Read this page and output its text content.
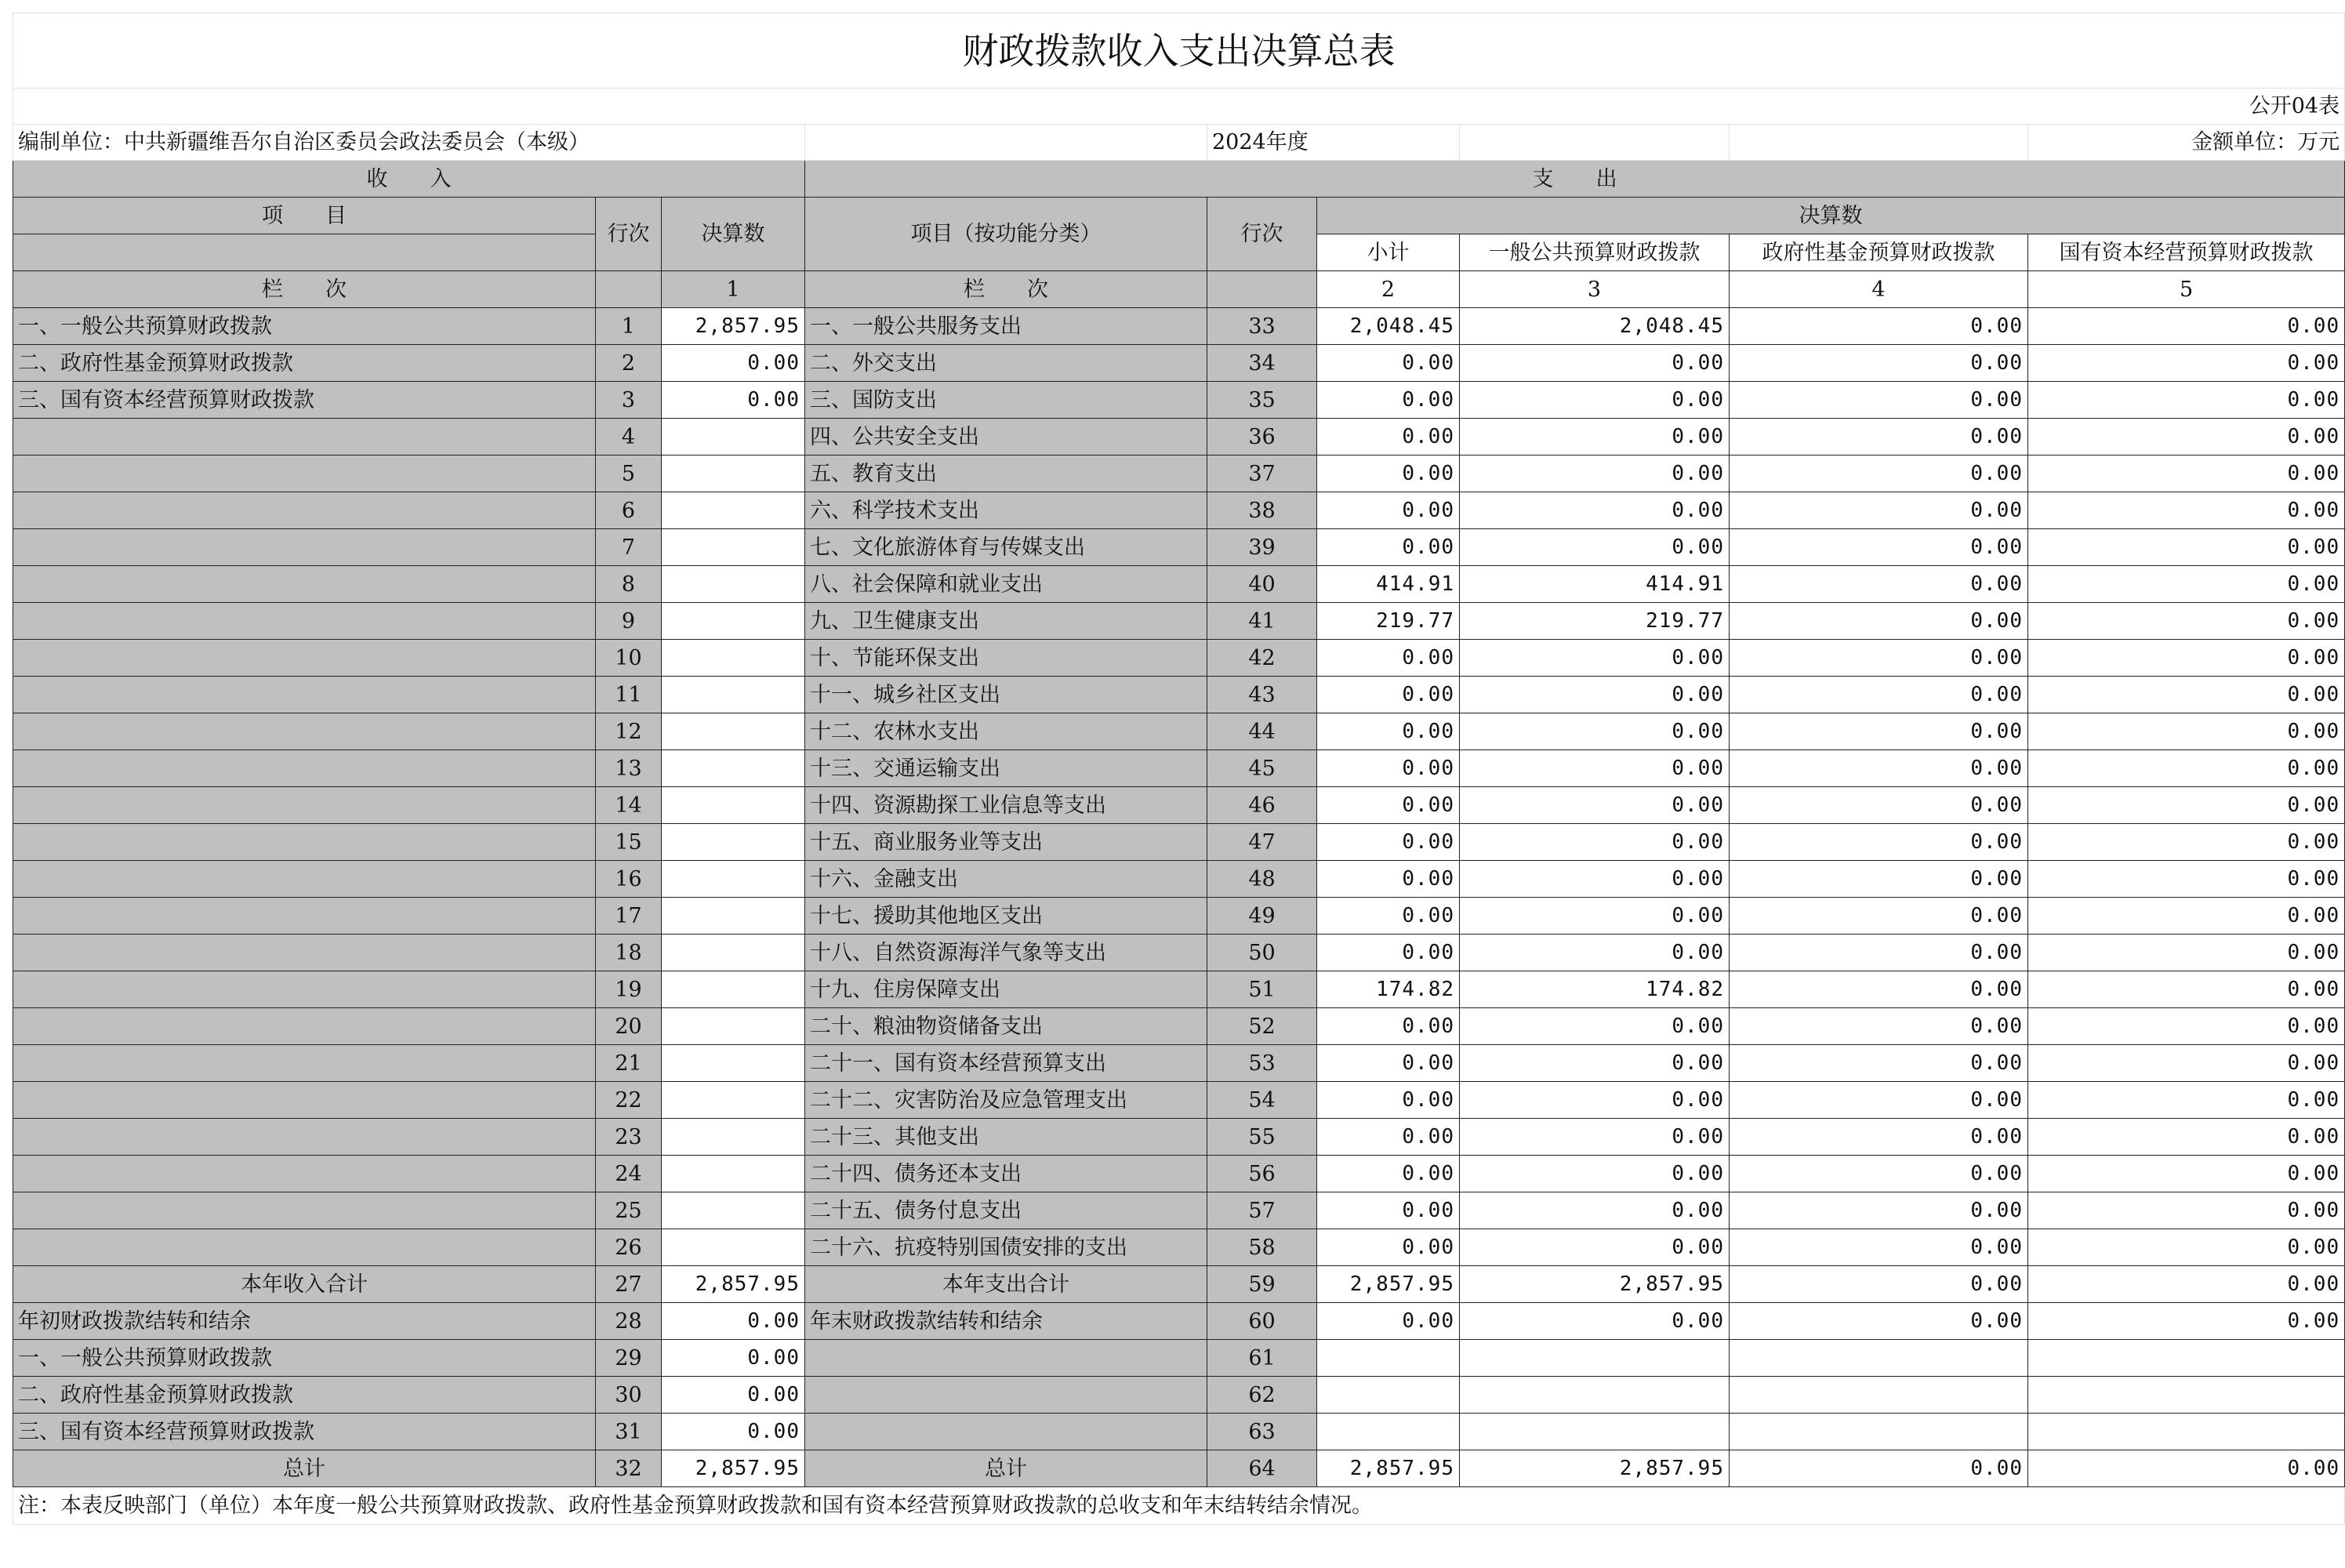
财政拨款收入支出决算总表								
公开04表								
编制单位：中共新疆维吾尔自治区委员会政法委员会（本级）				2024年度				金额单位：万元
收　　入			支　　出					
项　　目	行次	决算数	项目（按功能分类）	行次	决算数			
					小计	一般公共预算财政拨款	政府性基金预算财政拨款	国有资本经营预算财政拨款
栏　　次		1	栏　　次		2	3	4	5
一、一般公共预算财政拨款	1	2,857.95	一、一般公共服务支出	33	2,048.45	2,048.45	0.00	0.00
二、政府性基金预算财政拨款	2	0.00	二、外交支出	34	0.00	0.00	0.00	0.00
三、国有资本经营预算财政拨款	3	0.00	三、国防支出	35	0.00	0.00	0.00	0.00
	4		四、公共安全支出	36	0.00	0.00	0.00	0.00
	5		五、教育支出	37	0.00	0.00	0.00	0.00
	6		六、科学技术支出	38	0.00	0.00	0.00	0.00
	7		七、文化旅游体育与传媒支出	39	0.00	0.00	0.00	0.00
	8		八、社会保障和就业支出	40	414.91	414.91	0.00	0.00
	9		九、卫生健康支出	41	219.77	219.77	0.00	0.00
	10		十、节能环保支出	42	0.00	0.00	0.00	0.00
	11		十一、城乡社区支出	43	0.00	0.00	0.00	0.00
	12		十二、农林水支出	44	0.00	0.00	0.00	0.00
	13		十三、交通运输支出	45	0.00	0.00	0.00	0.00
	14		十四、资源勘探工业信息等支出	46	0.00	0.00	0.00	0.00
	15		十五、商业服务业等支出	47	0.00	0.00	0.00	0.00
	16		十六、金融支出	48	0.00	0.00	0.00	0.00
	17		十七、援助其他地区支出	49	0.00	0.00	0.00	0.00
	18		十八、自然资源海洋气象等支出	50	0.00	0.00	0.00	0.00
	19		十九、住房保障支出	51	174.82	174.82	0.00	0.00
	20		二十、粮油物资储备支出	52	0.00	0.00	0.00	0.00
	21		二十一、国有资本经营预算支出	53	0.00	0.00	0.00	0.00
	22		二十二、灾害防治及应急管理支出	54	0.00	0.00	0.00	0.00
	23		二十三、其他支出	55	0.00	0.00	0.00	0.00
	24		二十四、债务还本支出	56	0.00	0.00	0.00	0.00
	25		二十五、债务付息支出	57	0.00	0.00	0.00	0.00
	26		二十六、抗疫特别国债安排的支出	58	0.00	0.00	0.00	0.00
本年收入合计	27	2,857.95	本年支出合计	59	2,857.95	2,857.95	0.00	0.00
年初财政拨款结转和结余	28	0.00	年末财政拨款结转和结余	60	0.00	0.00	0.00	0.00
一、一般公共预算财政拨款	29	0.00		61				
二、政府性基金预算财政拨款	30	0.00		62				
三、国有资本经营预算财政拨款	31	0.00		63				
总计	32	2,857.95	总计	64	2,857.95	2,857.95	0.00	0.00
注：本表反映部门（单位）本年度一般公共预算财政拨款、政府性基金预算财政拨款和国有资本经营预算财政拨款的总收支和年末结转结余情况。								
